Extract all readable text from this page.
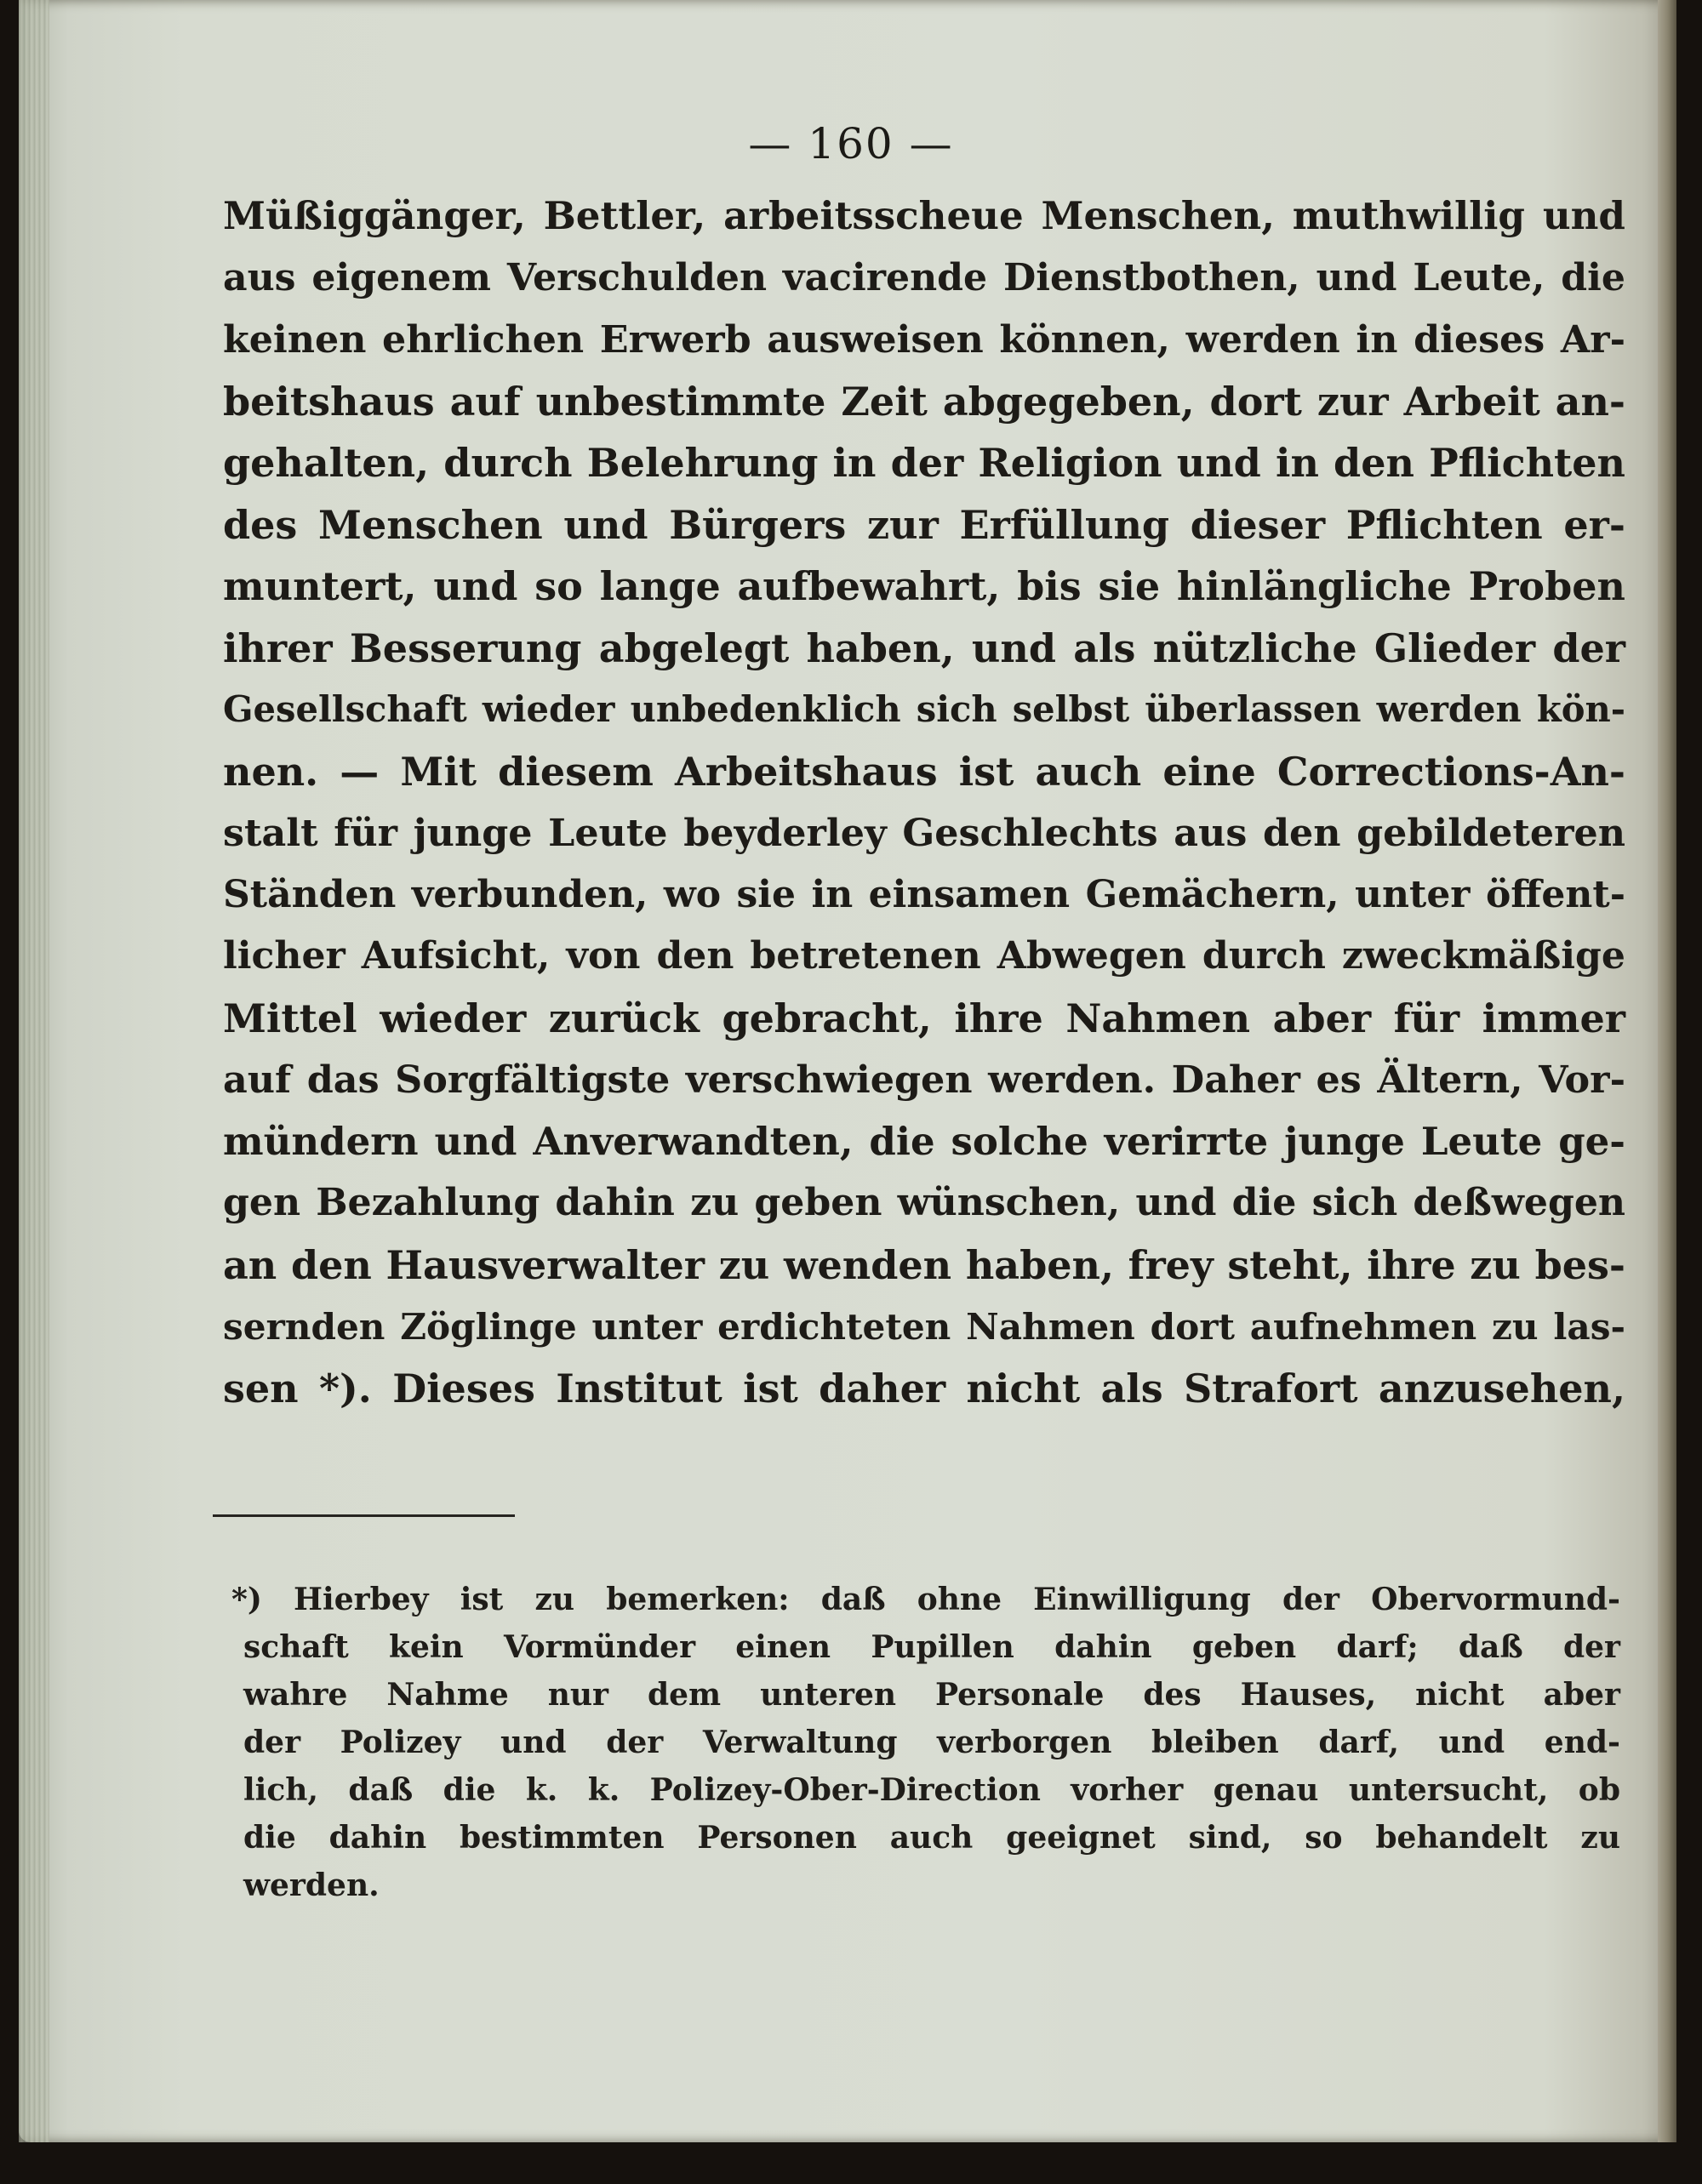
— 160 —
Müßiggänger, Bettler, arbeitsscheue Menschen, muthwillig und
aus eigenem Verschulden vacirende Dienstbothen, und Leute, die
keinen ehrlichen Erwerb ausweisen können, werden in dieses Ar-
beitshaus auf unbestimmte Zeit abgegeben, dort zur Arbeit an-
gehalten, durch Belehrung in der Religion und in den Pflichten
des Menschen und Bürgers zur Erfüllung dieser Pflichten er-
muntert, und so lange aufbewahrt, bis sie hinlängliche Proben
ihrer Besserung abgelegt haben, und als nützliche Glieder der
Gesellschaft wieder unbedenklich sich selbst überlassen werden kön-
nen. — Mit diesem Arbeitshaus ist auch eine Corrections-An-
stalt für junge Leute beyderley Geschlechts aus den gebildeteren
Ständen verbunden, wo sie in einsamen Gemächern, unter öffent-
licher Aufsicht, von den betretenen Abwegen durch zweckmäßige
Mittel wieder zurück gebracht, ihre Nahmen aber für immer
auf das Sorgfältigste verschwiegen werden. Daher es Ältern, Vor-
mündern und Anverwandten, die solche verirrte junge Leute ge-
gen Bezahlung dahin zu geben wünschen, und die sich deßwegen
an den Hausverwalter zu wenden haben, frey steht, ihre zu bes-
sernden Zöglinge unter erdichteten Nahmen dort aufnehmen zu las-
sen *). Dieses Institut ist daher nicht als Strafort anzusehen,
*) Hierbey ist zu bemerken: daß ohne Einwilligung der Obervormund-
schaft kein Vormünder einen Pupillen dahin geben darf; daß der
wahre Nahme nur dem unteren Personale des Hauses, nicht aber
der Polizey und der Verwaltung verborgen bleiben darf, und end-
lich, daß die k. k. Polizey-Ober-Direction vorher genau untersucht, ob
die dahin bestimmten Personen auch geeignet sind, so behandelt zu
werden.
